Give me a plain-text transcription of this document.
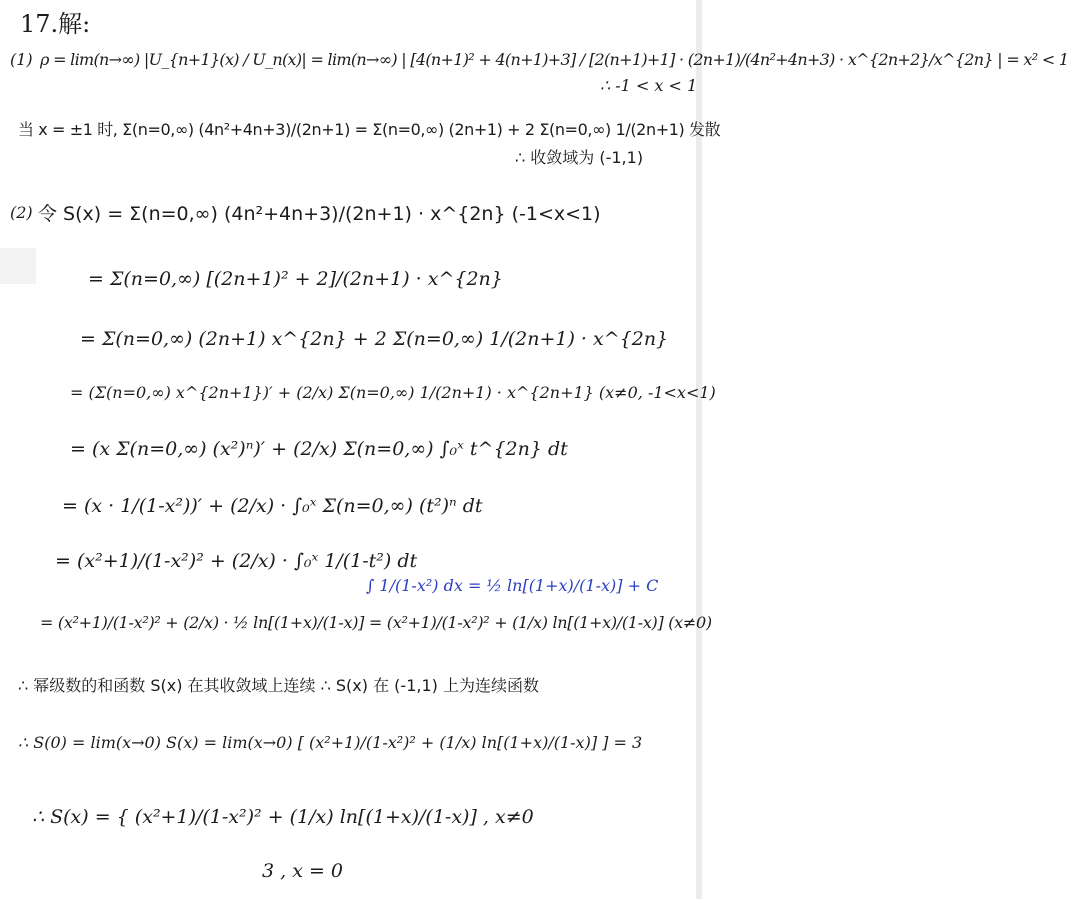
17.解:
(1) ρ = lim(n→∞) |U_{n+1}(x) / U_n(x)| = lim(n→∞) | [4(n+1)² + 4(n+1)+3] / [2(n+1)+1] · (2n+1)/(4n²+4n+3) · x^{2n+2}/x^{2n} | = x² < 1
∴ -1 < x < 1
当 x = ±1 时, Σ(n=0,∞) (4n²+4n+3)/(2n+1) = Σ(n=0,∞) (2n+1) + 2 Σ(n=0,∞) 1/(2n+1) 发散
∴ 收敛域为 (-1,1)
(2) 令 S(x) = Σ(n=0,∞) (4n²+4n+3)/(2n+1) · x^{2n} (-1<x<1)
= Σ(n=0,∞) [(2n+1)² + 2]/(2n+1) · x^{2n}
= Σ(n=0,∞) (2n+1) x^{2n} + 2 Σ(n=0,∞) 1/(2n+1) · x^{2n}
= (Σ(n=0,∞) x^{2n+1})′ + (2/x) Σ(n=0,∞) 1/(2n+1) · x^{2n+1} (x≠0, -1<x<1)
= (x Σ(n=0,∞) (x²)ⁿ)′ + (2/x) Σ(n=0,∞) ∫₀ˣ t^{2n} dt
= (x · 1/(1-x²))′ + (2/x) · ∫₀ˣ Σ(n=0,∞) (t²)ⁿ dt
= (x²+1)/(1-x²)² + (2/x) · ∫₀ˣ 1/(1-t²) dt
∫ 1/(1-x²) dx = ½ ln[(1+x)/(1-x)] + C
= (x²+1)/(1-x²)² + (2/x) · ½ ln[(1+x)/(1-x)] = (x²+1)/(1-x²)² + (1/x) ln[(1+x)/(1-x)] (x≠0)
∴ 幂级数的和函数 S(x) 在其收敛域上连续 ∴ S(x) 在 (-1,1) 上为连续函数
∴ S(0) = lim(x→0) S(x) = lim(x→0) [ (x²+1)/(1-x²)² + (1/x) ln[(1+x)/(1-x)] ] = 3
∴ S(x) = { (x²+1)/(1-x²)² + (1/x) ln[(1+x)/(1-x)] , x≠0
3 , x = 0
